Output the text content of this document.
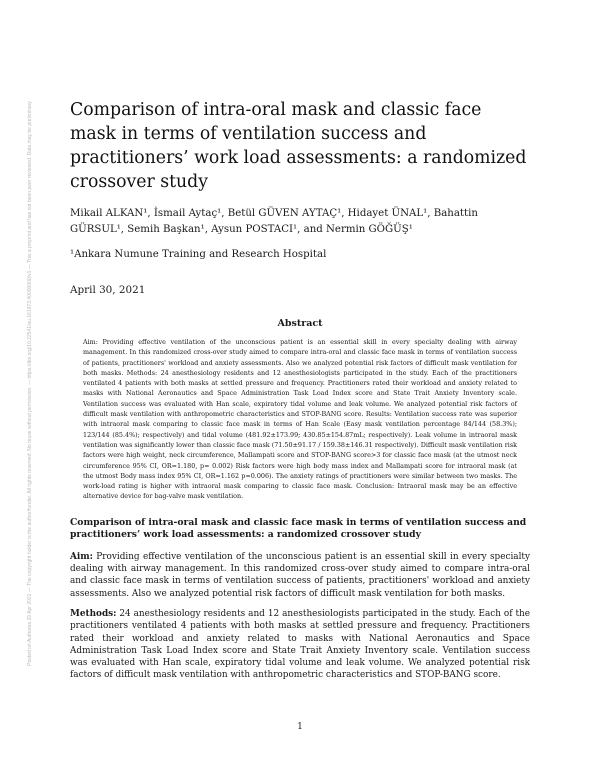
Posted on Authorea 29 Apr 2021 — The copyright holder is the author/funder. All rights reserved. No reuse without permission. — https://doi.org/10.22541/au.161973.40000000/v1 — This a preprint and has not been peer reviewed. Data may be preliminary. Comparison of intra-oral mask and classic face mask in terms of ventilation success and practitioners’ work load assessments: a randomized crossover study

Mikail ALKAN¹, İsmail Aytaç¹, Betül GÜVEN AYTAÇ¹, Hidayet ÜNAL¹, Bahattin GÜRSUL¹, Semih Başkan¹, Aysun POSTACI¹, and Nermin GÖĞÜŞ¹

¹Ankara Numune Training and Research Hospital

April 30, 2021

Abstract

Aim: Providing effective ventilation of the unconscious patient is an essential skill in every specialty dealing with airway management. In this randomized cross-over study aimed to compare intra-oral and classic face mask in terms of ventilation success of patients, practitioners' workload and anxiety assessments. Also we analyzed potential risk factors of difficult mask ventilation for both masks. Methods: 24 anesthesiology residents and 12 anesthesiologists participated in the study. Each of the practitioners ventilated 4 patients with both masks at settled pressure and frequency. Practitioners rated their workload and anxiety related to masks with National Aeronautics and Space Administration Task Load Index score and State Trait Anxiety Inventory scale. Ventilation success was evaluated with Han scale, expiratory tidal volume and leak volume. We analyzed potential risk factors of difficult mask ventilation with anthropometric characteristics and STOP-BANG score. Results: Ventilation success rate was superior with intraoral mask comparing to classic face mask in terms of Han Scale (Easy mask ventilation percentage 84/144 (58.3%); 123/144 (85.4%); respectively) and tidal volume (481.92±173.99; 430.85±154.87mL; respectively). Leak volume in intraoral mask ventilation was significantly lower than classic face mask (71.50±91.17 / 159.38±146.31 respectively). Difficult mask ventilation risk factors were high weight, neck circumference, Mallampati score and STOP-BANG score>3 for classic face mask (at the utmost neck circumference 95% CI, OR=1.180, p= 0.002) Risk factors were high body mass index and Mallampati score for intraoral mask (at the utmost Body mass index 95% CI, OR=1.162 p=0.006). The anxiety ratings of practitioners were similar between two masks. The work-load rating is higher with intraoral mask comparing to classic face mask. Conclusion: Intraoral mask may be an effective alternative device for bag-valve mask ventilation.

Comparison of intra-oral mask and classic face mask in terms of ventilation success and practitioners’ work load assessments: a randomized crossover study

Aim: Providing effective ventilation of the unconscious patient is an essential skill in every specialty dealing with airway management. In this randomized cross-over study aimed to compare intra-oral and classic face mask in terms of ventilation success of patients, practitioners' workload and anxiety assessments. Also we analyzed potential risk factors of difficult mask ventilation for both masks.

Methods: 24 anesthesiology residents and 12 anesthesiologists participated in the study. Each of the practitioners ventilated 4 patients with both masks at settled pressure and frequency. Practitioners rated their workload and anxiety related to masks with National Aeronautics and Space Administration Task Load Index score and State Trait Anxiety Inventory scale. Ventilation success was evaluated with Han scale, expiratory tidal volume and leak volume. We analyzed potential risk factors of difficult mask ventilation with anthropometric characteristics and STOP-BANG score.

1
